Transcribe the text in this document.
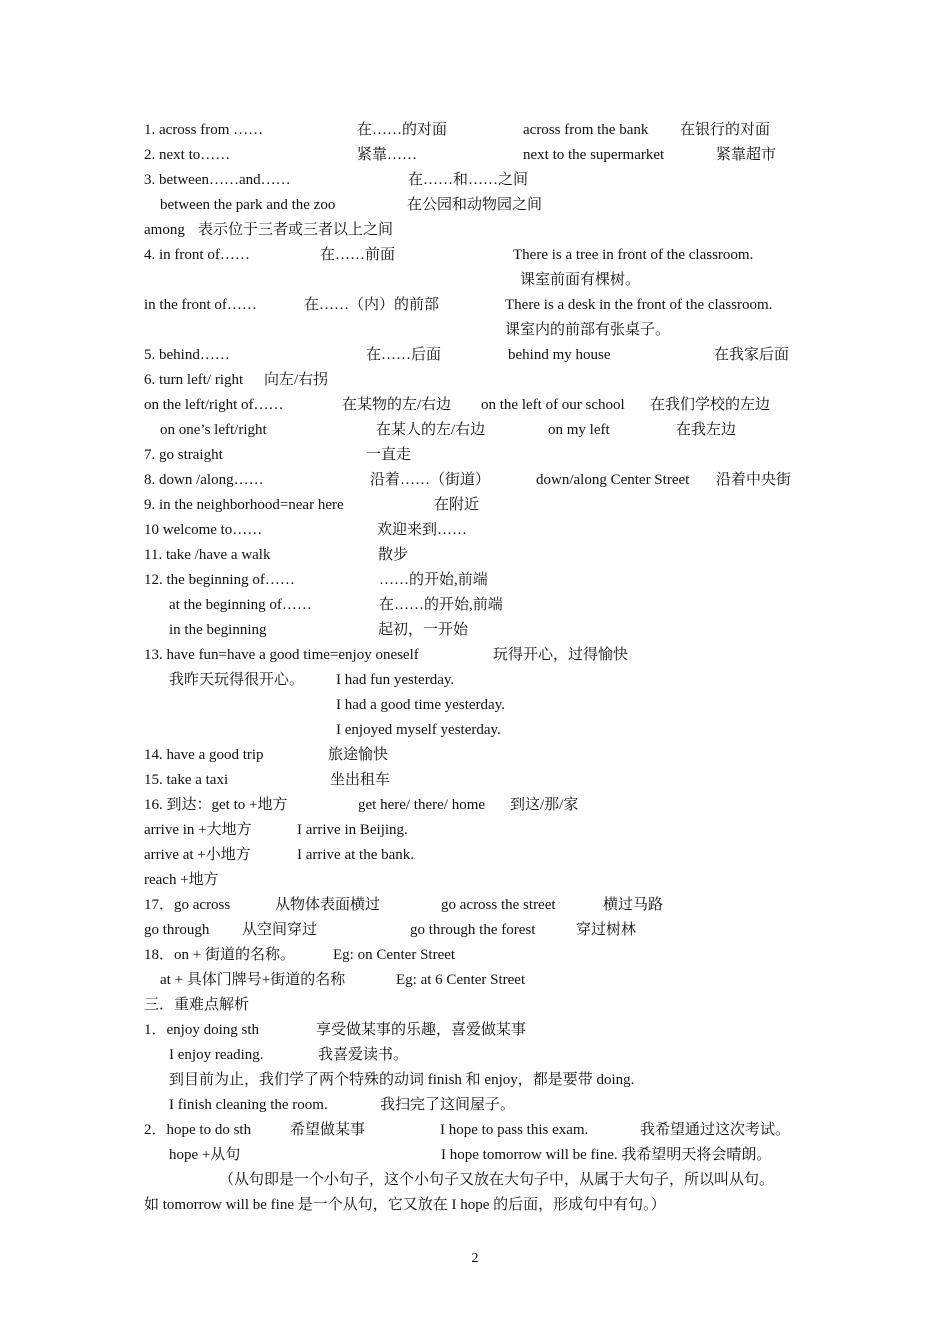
1. across from ……	在……的对面	across from the bank 在银行的对面
2. next to……	紧靠……	next to the supermarket	紧靠超市
3. between……and……	在……和……之间
between the park and the zoo	在公园和动物园之间
among 表示位于三者或三者以上之间
4. in front of……	在……前面	There is a tree in front of the classroom.
课室前面有棵树。
in the front of……	在……（内）的前部	There is a desk in the front of the classroom.
课室内的前部有张桌子。
5. behind……	在……后面	behind my house	在我家后面
6. turn left/ right 向左/右拐
on the left/right of……	在某物的左/右边 on the left of our school 在我们学校的左边
on one’s left/right	在某人的左/右边	on my left	在我左边
7. go straight	一直走
8. down /along……	沿着……（街道）	down/along Center Street 沿着中央街
9. in the neighborhood=near here	在附近
10 welcome to……	欢迎来到……
11. take /have a walk	散步
12. the beginning of……	……的开始,前端
at the beginning of……	在……的开始,前端
in the beginning	起初，一开始
13. have fun=have a good time=enjoy oneself	玩得开心，过得愉快
我昨天玩得很开心。 I had fun yesterday.
I had a good time yesterday.
I enjoyed myself yesterday.
14. have a good trip	旅途愉快
15. take a taxi	坐出租车
16. 到达：get to +地方	get here/ there/ home 到这/那/家
arrive in +大地方	I arrive in Beijing.
arrive at +小地方	I arrive at the bank.
reach +地方
17．go across	从物体表面横过	go across the street	横过马路
go through 从空间穿过	go through the forest	穿过树林
18．on + 街道的名称。	Eg: on Center Street
at + 具体门牌号+街道的名称	Eg: at 6 Center Street
三．重难点解析
1．enjoy doing sth	享受做某事的乐趣，喜爱做某事
I enjoy reading.	我喜爱读书。
到目前为止，我们学了两个特殊的动词 finish 和 enjoy，都是要带 doing.
I finish cleaning the room.	我扫完了这间屋子。
2．hope to do sth	希望做某事	I hope to pass this exam.	我希望通过这次考试。
hope +从句	I hope tomorrow will be fine. 我希望明天将会晴朗。
（从句即是一个小句子，这个小句子又放在大句子中，从属于大句子，所以叫从句。
如 tomorrow will be fine 是一个从句，它又放在 I hope 的后面，形成句中有句。）
2
